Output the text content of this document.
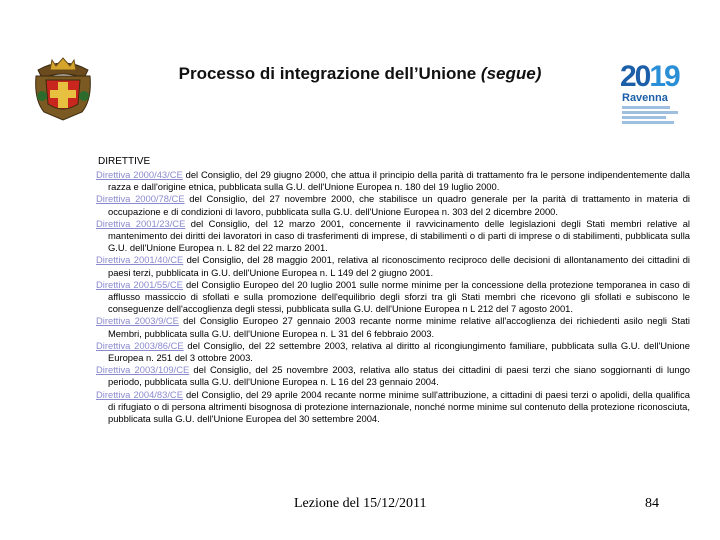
Processo di integrazione dell’Unione (segue)	2019
Ravenna
DIRETTIVE
Direttiva 2000/43/CE del Consiglio, del 29 giugno 2000, che attua il principio della parità di trattamento fra le persone indipendentemente dalla razza e dall'origine etnica, pubblicata sulla G.U. dell'Unione Europea n. 180 del 19 luglio 2000.
Direttiva 2000/78/CE del Consiglio, del 27 novembre 2000, che stabilisce un quadro generale per la parità di trattamento in materia di occupazione e di condizioni di lavoro, pubblicata sulla G.U. dell'Unione Europea n. 303 del 2 dicembre 2000.
Direttiva 2001/23/CE del Consiglio, del 12 marzo 2001, concernente il ravvicinamento delle legislazioni degli Stati membri relative al mantenimento dei diritti dei lavoratori in caso di trasferimenti di imprese, di stabilimenti o di parti di imprese o di stabilimenti, pubblicata sulla G.U. dell'Unione Europea n. L 82 del 22 marzo 2001.
Direttiva 2001/40/CE del Consiglio, del 28 maggio 2001, relativa al riconoscimento reciproco delle decisioni di allontanamento dei cittadini di paesi terzi, pubblicata in G.U. dell'Unione Europea n. L 149 del 2 giugno 2001.
Direttiva 2001/55/CE del Consiglio Europeo del 20 luglio 2001 sulle norme minime per la concessione della protezione temporanea in caso di afflusso massiccio di sfollati e sulla promozione dell'equilibrio degli sforzi tra gli Stati membri che ricevono gli sfollati e subiscono le conseguenze dell'accoglienza degli stessi, pubblicata sulla G.U. dell'Unione Europea n L 212 del 7 agosto 2001.
Direttiva 2003/9/CE del Consiglio Europeo 27 gennaio 2003 recante norme minime relative all'accoglienza dei richiedenti asilo negli Stati Membri, pubblicata sulla G.U. dell'Unione Europea n. L 31 del 6 febbraio 2003.
Direttiva 2003/86/CE del Consiglio, del 22 settembre 2003, relativa al diritto al ricongiungimento familiare, pubblicata sulla G.U. dell'Unione Europea n. 251 del 3 ottobre 2003.
Direttiva 2003/109/CE del Consiglio, del 25 novembre 2003, relativa allo status dei cittadini di paesi terzi che siano soggiornanti di lungo periodo, pubblicata sulla G.U. dell'Unione Europea n. L 16 del 23 gennaio 2004.
Direttiva 2004/83/CE del Consiglio, del 29 aprile 2004 recante norme minime sull'attribuzione, a cittadini di paesi terzi o apolidi, della qualifica di rifugiato o di persona altrimenti bisognosa di protezione internazionale, nonché norme minime sul contenuto della protezione riconosciuta, pubblicata sulla G.U. dell'Unione Europea del 30 settembre 2004.
Lezione del 15/12/2011	84
